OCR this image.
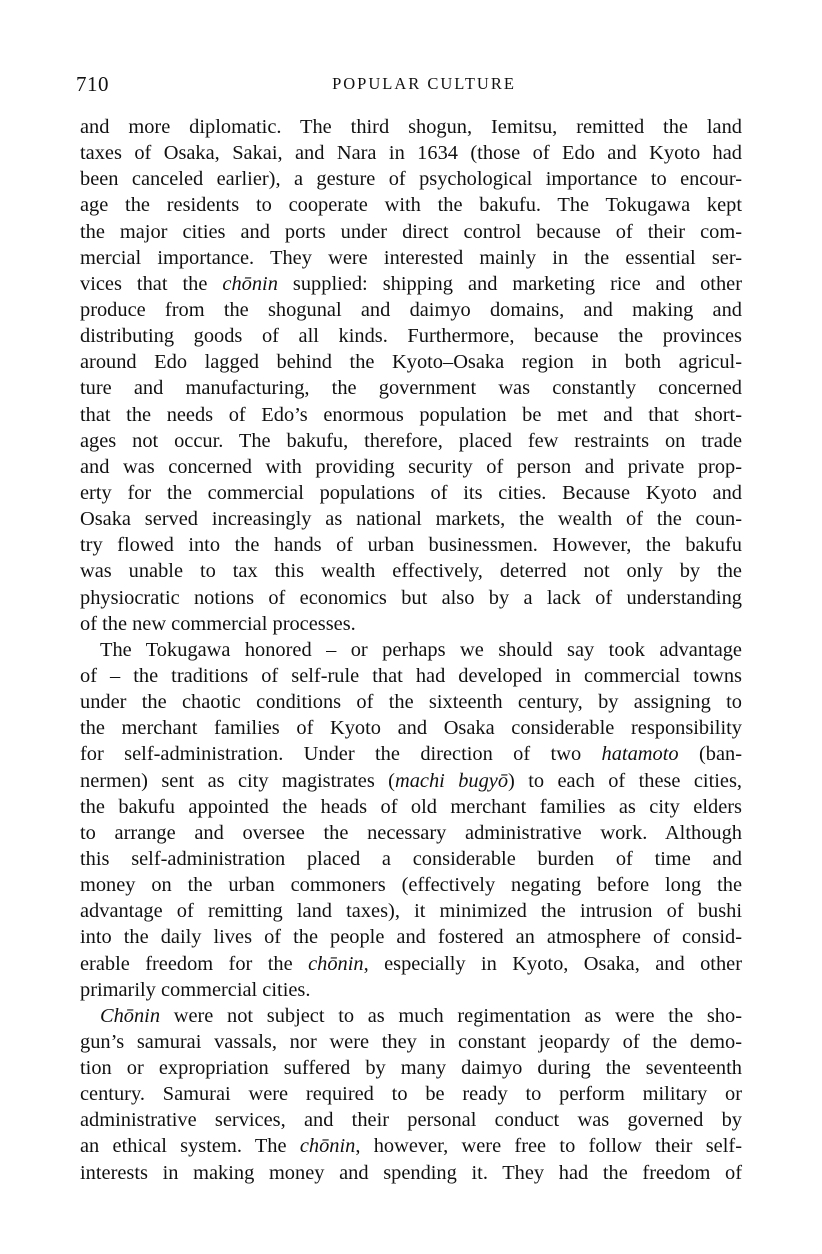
710	POPULAR CULTURE
and more diplomatic. The third shogun, Iemitsu, remitted the land
taxes of Osaka, Sakai, and Nara in 1634 (those of Edo and Kyoto had
been canceled earlier), a gesture of psychological importance to encour-
age the residents to cooperate with the bakufu. The Tokugawa kept
the major cities and ports under direct control because of their com-
mercial importance. They were interested mainly in the essential ser-
vices that the chōnin supplied: shipping and marketing rice and other
produce from the shogunal and daimyo domains, and making and
distributing goods of all kinds. Furthermore, because the provinces
around Edo lagged behind the Kyoto–Osaka region in both agricul-
ture and manufacturing, the government was constantly concerned
that the needs of Edo’s enormous population be met and that short-
ages not occur. The bakufu, therefore, placed few restraints on trade
and was concerned with providing security of person and private prop-
erty for the commercial populations of its cities. Because Kyoto and
Osaka served increasingly as national markets, the wealth of the coun-
try flowed into the hands of urban businessmen. However, the bakufu
was unable to tax this wealth effectively, deterred not only by the
physiocratic notions of economics but also by a lack of understanding
of the new commercial processes.
The Tokugawa honored – or perhaps we should say took advantage
of – the traditions of self-rule that had developed in commercial towns
under the chaotic conditions of the sixteenth century, by assigning to
the merchant families of Kyoto and Osaka considerable responsibility
for self-administration. Under the direction of two hatamoto (ban-
nermen) sent as city magistrates (machi bugyō) to each of these cities,
the bakufu appointed the heads of old merchant families as city elders
to arrange and oversee the necessary administrative work. Although
this self-administration placed a considerable burden of time and
money on the urban commoners (effectively negating before long the
advantage of remitting land taxes), it minimized the intrusion of bushi
into the daily lives of the people and fostered an atmosphere of consid-
erable freedom for the chōnin, especially in Kyoto, Osaka, and other
primarily commercial cities.
Chōnin were not subject to as much regimentation as were the sho-
gun’s samurai vassals, nor were they in constant jeopardy of the demo-
tion or expropriation suffered by many daimyo during the seventeenth
century. Samurai were required to be ready to perform military or
administrative services, and their personal conduct was governed by
an ethical system. The chōnin, however, were free to follow their self-
interests in making money and spending it. They had the freedom of
